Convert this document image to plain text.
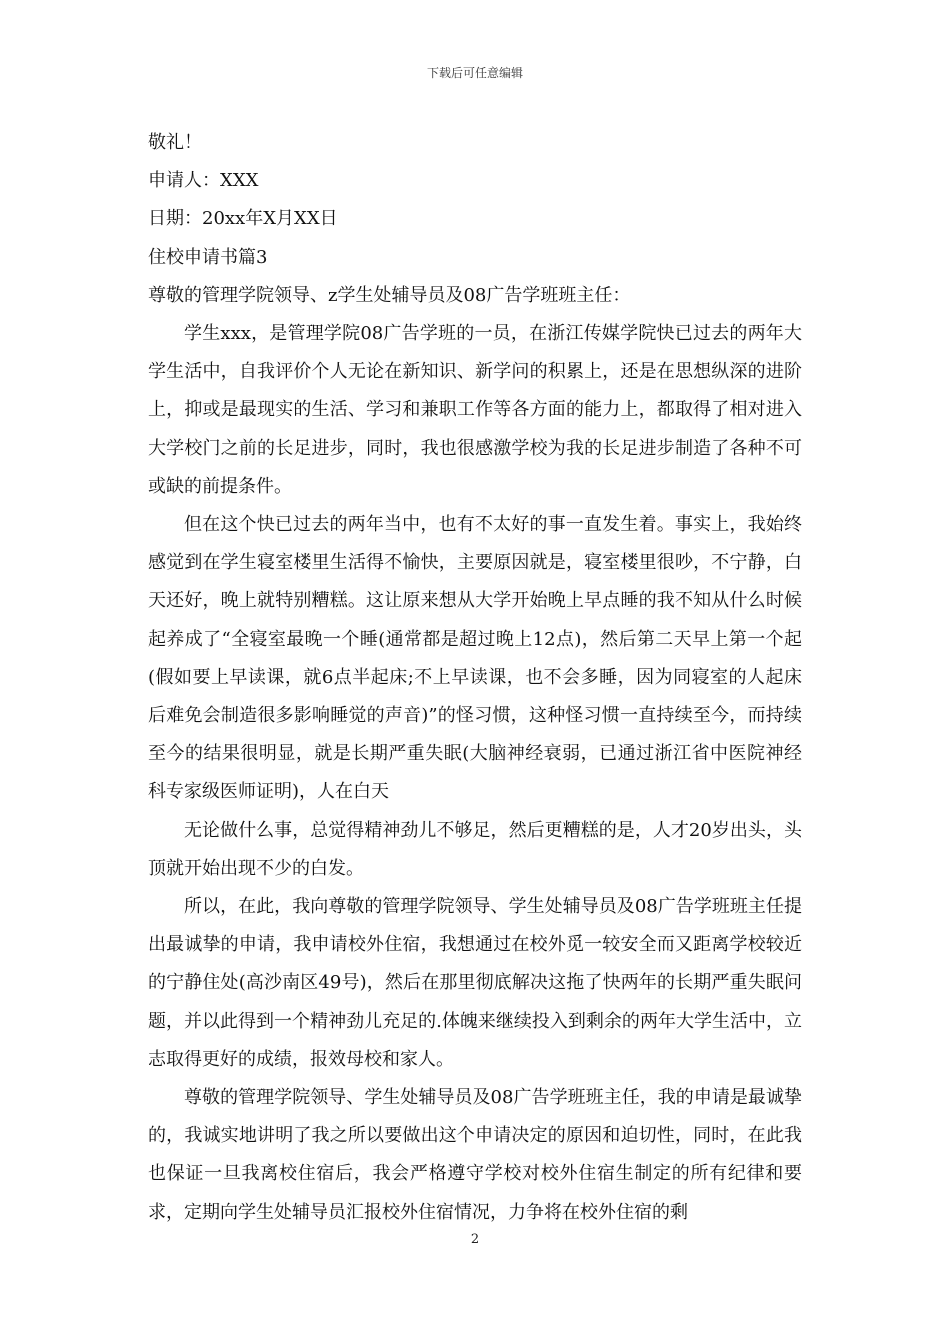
下载后可任意编辑
敬礼！
申请人：XXX
日期：20xx年X月XX日
住校申请书篇3
尊敬的管理学院领导、z学生处辅导员及08广告学班班主任：

学生xxx，是管理学院08广告学班的一员，在浙江传媒学院快已过去的两年大学生活中，自我评价个人无论在新知识、新学问的积累上，还是在思想纵深的进阶上，抑或是最现实的生活、学习和兼职工作等各方面的能力上，都取得了相对进入大学校门之前的长足进步，同时，我也很感激学校为我的长足进步制造了各种不可或缺的前提条件。

但在这个快已过去的两年当中，也有不太好的事一直发生着。事实上，我始终感觉到在学生寝室楼里生活得不愉快，主要原因就是，寝室楼里很吵，不宁静，白天还好，晚上就特别糟糕。这让原来想从大学开始晚上早点睡的我不知从什么时候起养成了“全寝室最晚一个睡(通常都是超过晚上12点)，然后第二天早上第一个起(假如要上早读课，就6点半起床;不上早读课，也不会多睡，因为同寝室的人起床后难免会制造很多影响睡觉的声音)”的怪习惯，这种怪习惯一直持续至今，而持续至今的结果很明显，就是长期严重失眠(大脑神经衰弱，已通过浙江省中医院神经科专家级医师证明)，人在白天

无论做什么事，总觉得精神劲儿不够足，然后更糟糕的是，人才20岁出头，头顶就开始出现不少的白发。

所以，在此，我向尊敬的管理学院领导、学生处辅导员及08广告学班班主任提出最诚挚的申请，我申请校外住宿，我想通过在校外觅一较安全而又距离学校较近的宁静住处(高沙南区49号)，然后在那里彻底解决这拖了快两年的长期严重失眠问题，并以此得到一个精神劲儿充足的.体魄来继续投入到剩余的两年大学生活中，立志取得更好的成绩，报效母校和家人。

尊敬的管理学院领导、学生处辅导员及08广告学班班主任，我的申请是最诚挚的，我诚实地讲明了我之所以要做出这个申请决定的原因和迫切性，同时，在此我也保证一旦我离校住宿后，我会严格遵守学校对校外住宿生制定的所有纪律和要求，定期向学生处辅导员汇报校外住宿情况，力争将在校外住宿的剩

2
